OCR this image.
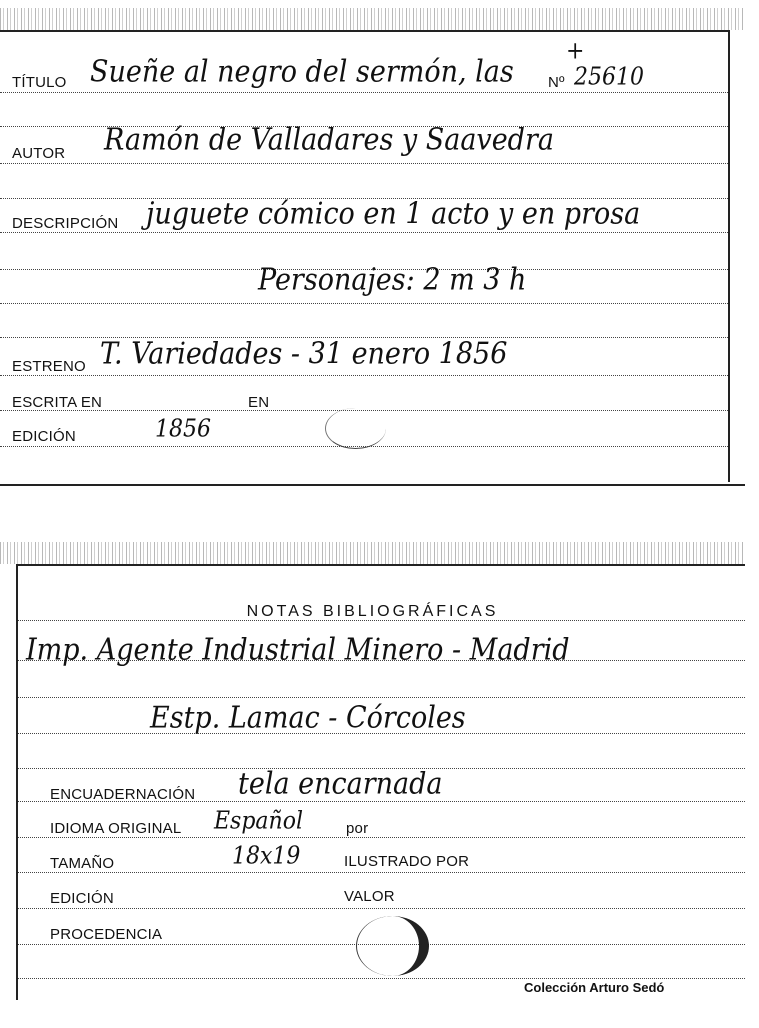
TÍTULO Sueñe al negro del sermón, las Nº 25610
+
AUTOR Ramón de Valladares y Saavedra
DESCRIPCIÓN juguete cómico en 1 acto y en prosa
Personajes: 2 m 3 h
ESTRENO T. Variedades - 31 enero 1856
ESCRITA EN	EN
EDICIÓN	1856
NOTAS BIBLIOGRÁFICAS
Imp. Agente Industrial Minero - Madrid
Estp. Lamac - Córcoles
ENCUADERNACIÓN tela encarnada
IDIOMA ORIGINAL Español	por
TAMAÑO	18x19	ILUSTRADO POR
EDICIÓN	VALOR
PROCEDENCIA
Colección Arturo Sedó
